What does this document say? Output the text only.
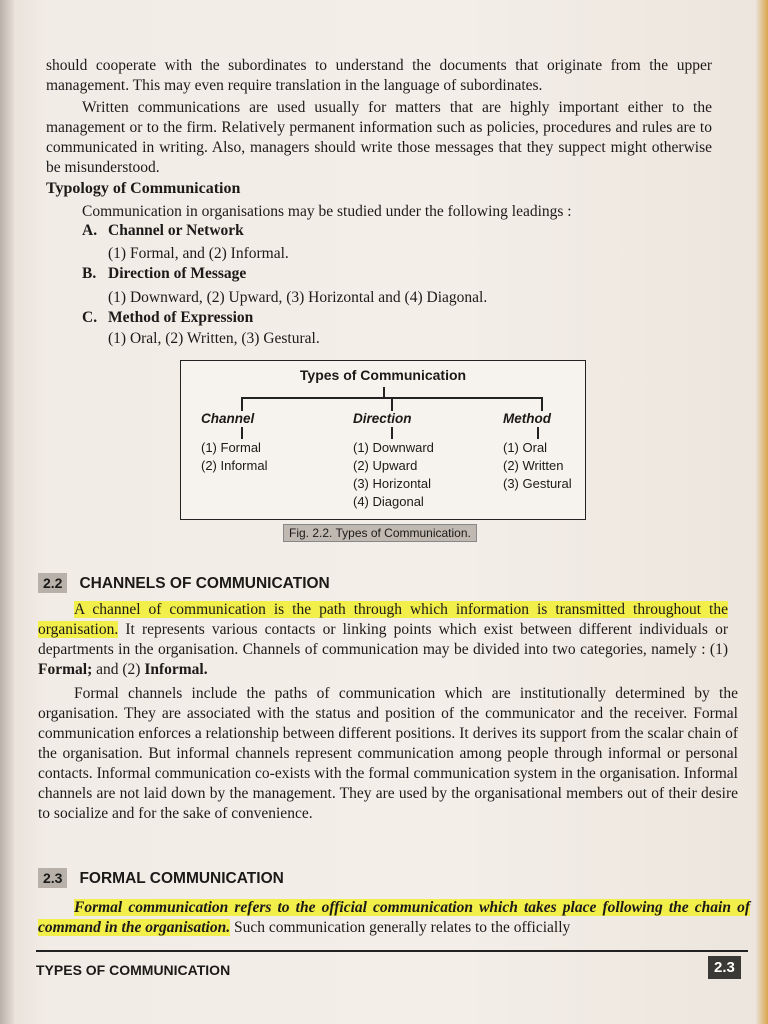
should cooperate with the subordinates to understand the documents that originate from the upper management. This may even require translation in the language of subordinates.

Written communications are used usually for matters that are highly important either to the management or to the firm. Relatively permanent information such as policies, procedures and rules are to communicated in writing. Also, managers should write those messages that they suppect might otherwise be misunderstood.

Typology of Communication
Communication in organisations may be studied under the following leadings :
A. Channel or Network
(1) Formal, and (2) Informal.
B. Direction of Message
(1) Downward, (2) Upward, (3) Horizontal and (4) Diagonal.
C. Method of Expression
(1) Oral, (2) Written, (3) Gestural.
Types of Communication
Channel
(1) Formal
(2) Informal
Direction
(1) Downward
(2) Upward
(3) Horizontal
(4) Diagonal
Method
(1) Oral
(2) Written
(3) Gestural
Fig. 2.2. Types of Communication.
2.2 CHANNELS OF COMMUNICATION

A channel of communication is the path through which information is transmitted throughout the organisation. It represents various contacts or linking points which exist between different individuals or departments in the organisation. Channels of communication may be divided into two categories, namely : (1) Formal; and (2) Informal.

Formal channels include the paths of communication which are institutionally determined by the organisation. They are associated with the status and position of the communicator and the receiver. Formal communication enforces a relationship between different positions. It derives its support from the scalar chain of the organisation. But informal channels represent communication among people through informal or personal contacts. Informal communication co-exists with the formal communication system in the organisation. Informal channels are not laid down by the management. They are used by the organisational members out of their desire to socialize and for the sake of convenience.

2.3 FORMAL COMMUNICATION

Formal communication refers to the official communication which takes place following the chain of command in the organisation. Such communication generally relates to the officially

TYPES OF COMMUNICATION	2.3
